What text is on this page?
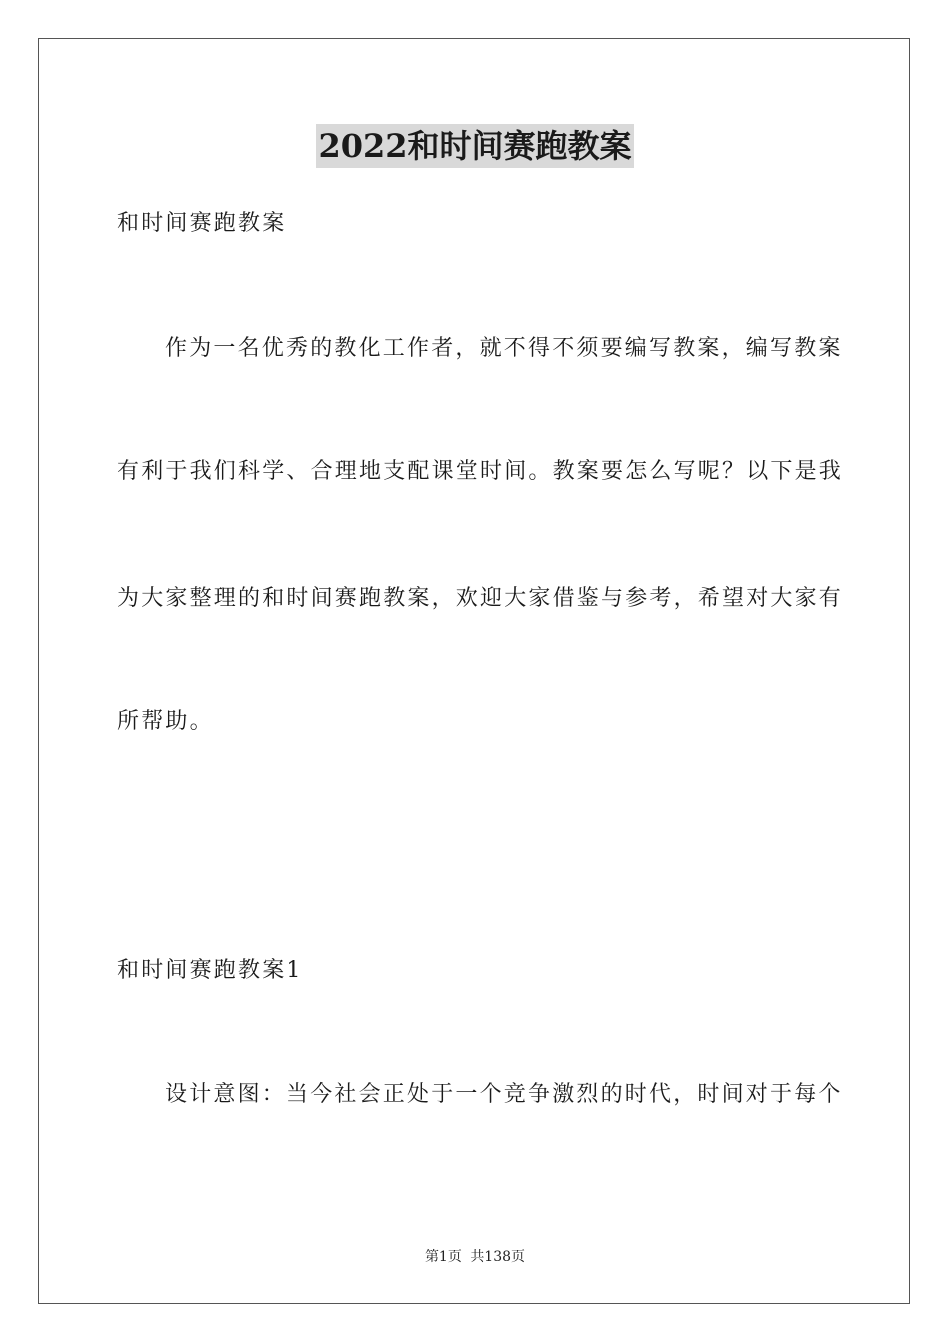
2022和时间赛跑教案
和时间赛跑教案
作为一名优秀的教化工作者，就不得不须要编写教案，编写教案
有利于我们科学、合理地支配课堂时间。教案要怎么写呢？以下是我
为大家整理的和时间赛跑教案，欢迎大家借鉴与参考，希望对大家有
所帮助。
和时间赛跑教案1
设计意图：当今社会正处于一个竞争激烈的时代，时间对于每个
第1页 共138页
